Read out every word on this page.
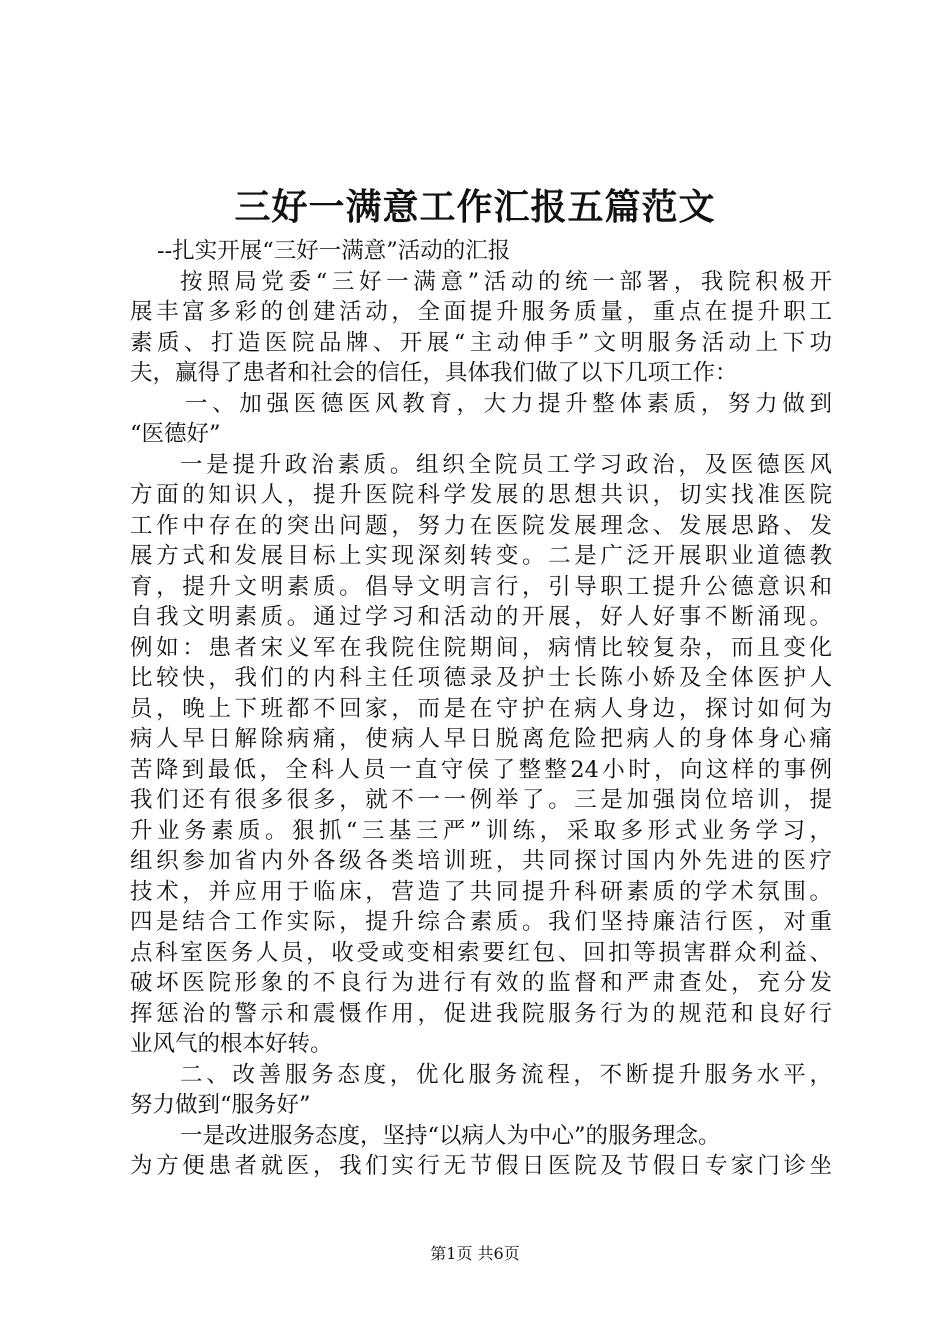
三好一满意工作汇报五篇范文
--扎实开展“三好一满意”活动的汇报
按照局党委“三好一满意”活动的统一部署，我院积极开
展丰富多彩的创建活动，全面提升服务质量，重点在提升职工
素质、打造医院品牌、开展“主动伸手”文明服务活动上下功
夫，赢得了患者和社会的信任，具体我们做了以下几项工作：
一、加强医德医风教育，大力提升整体素质，努力做到
“医德好”
一是提升政治素质。组织全院员工学习政治，及医德医风
方面的知识人，提升医院科学发展的思想共识，切实找准医院
工作中存在的突出问题，努力在医院发展理念、发展思路、发
展方式和发展目标上实现深刻转变。二是广泛开展职业道德教
育，提升文明素质。倡导文明言行，引导职工提升公德意识和
自我文明素质。通过学习和活动的开展，好人好事不断涌现。
例如：患者宋义军在我院住院期间，病情比较复杂，而且变化
比较快，我们的内科主任项德录及护士长陈小娇及全体医护人
员，晚上下班都不回家，而是在守护在病人身边，探讨如何为
病人早日解除病痛，使病人早日脱离危险把病人的身体身心痛
苦降到最低，全科人员一直守侯了整整24小时，向这样的事例
我们还有很多很多，就不一一例举了。三是加强岗位培训，提
升业务素质。狠抓“三基三严”训练，采取多形式业务学习，
组织参加省内外各级各类培训班，共同探讨国内外先进的医疗
技术，并应用于临床，营造了共同提升科研素质的学术氛围。
四是结合工作实际，提升综合素质。我们坚持廉洁行医，对重
点科室医务人员，收受或变相索要红包、回扣等损害群众利益、
破坏医院形象的不良行为进行有效的监督和严肃查处，充分发
挥惩治的警示和震慑作用，促进我院服务行为的规范和良好行
业风气的根本好转。
二、改善服务态度，优化服务流程，不断提升服务水平，
努力做到“服务好”
一是改进服务态度，坚持“以病人为中心”的服务理念。
为方便患者就医，我们实行无节假日医院及节假日专家门诊坐
第1页 共6页
